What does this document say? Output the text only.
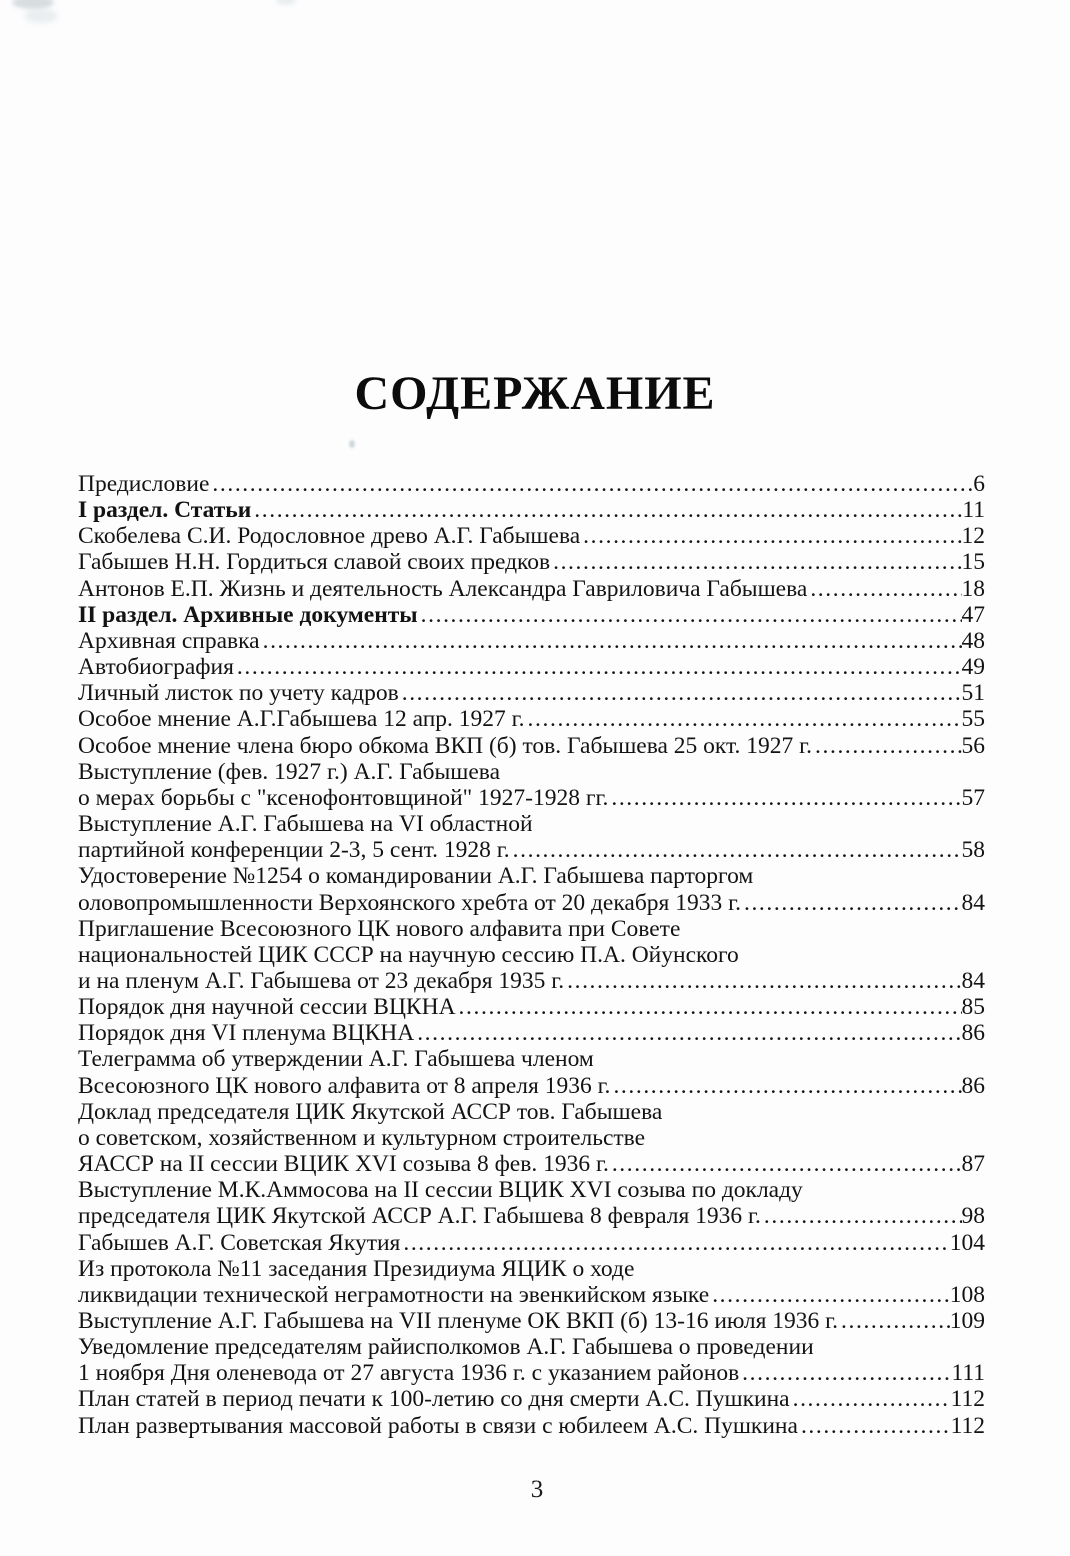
СОДЕРЖАНИЕ
Предисловие .....	6
I раздел. Статьи .....	11
Скобелева С.И. Родословное древо А.Г. Габышева .....	12
Габышев Н.Н. Гордиться славой своих предков .....	15
Антонов Е.П. Жизнь и деятельность Александра Гавриловича Габышева .....	18
II раздел. Архивные документы .....	47
Архивная справка .....	48
Автобиография .....	49
Личный листок по учету кадров .....	51
Особое мнение А.Г.Габышева 12 апр. 1927 г. .....	55
Особое мнение члена бюро обкома ВКП (б) тов. Габышева 25 окт. 1927 г. .....	56
Выступление (фев. 1927 г.) А.Г. Габышева
о мерах борьбы с "ксенофонтовщиной" 1927-1928 гг. .....	57
Выступление А.Г. Габышева на VI областной
партийной конференции 2-3, 5 сент. 1928 г. .....	58
Удостоверение №1254 о командировании А.Г. Габышева парторгом
оловопромышленности Верхоянского хребта от 20 декабря 1933 г. .....	84
Приглашение Всесоюзного ЦК нового алфавита при Совете
национальностей ЦИК СССР на научную сессию П.А. Ойунского
и на пленум А.Г. Габышева от 23 декабря 1935 г. .....	84
Порядок дня научной сессии ВЦКНА .....	85
Порядок дня VI пленума ВЦКНА .....	86
Телеграмма об утверждении А.Г. Габышева членом
Всесоюзного ЦК нового алфавита от 8 апреля 1936 г. .....	86
Доклад председателя ЦИК Якутской АССР тов. Габышева
о советском, хозяйственном и культурном строительстве
ЯАССР на II сессии ВЦИК XVI созыва 8 фев. 1936 г. .....	87
Выступление М.К.Аммосова на II сессии ВЦИК XVI созыва по докладу
председателя ЦИК Якутской АССР А.Г. Габышева 8 февраля 1936 г. .....	98
Габышев А.Г. Советская Якутия .....	104
Из протокола №11 заседания Президиума ЯЦИК о ходе
ликвидации технической неграмотности на эвенкийском языке .....	108
Выступление А.Г. Габышева на VII пленуме ОК ВКП (б) 13-16 июля 1936 г. .....	109
Уведомление председателям райисполкомов А.Г. Габышева о проведении
1 ноября Дня оленевода от 27 августа 1936 г. с указанием районов .....	111
План статей в период печати к 100-летию со дня смерти А.С. Пушкина .....	112
План развертывания массовой работы в связи с юбилеем А.С. Пушкина .....	112
3
